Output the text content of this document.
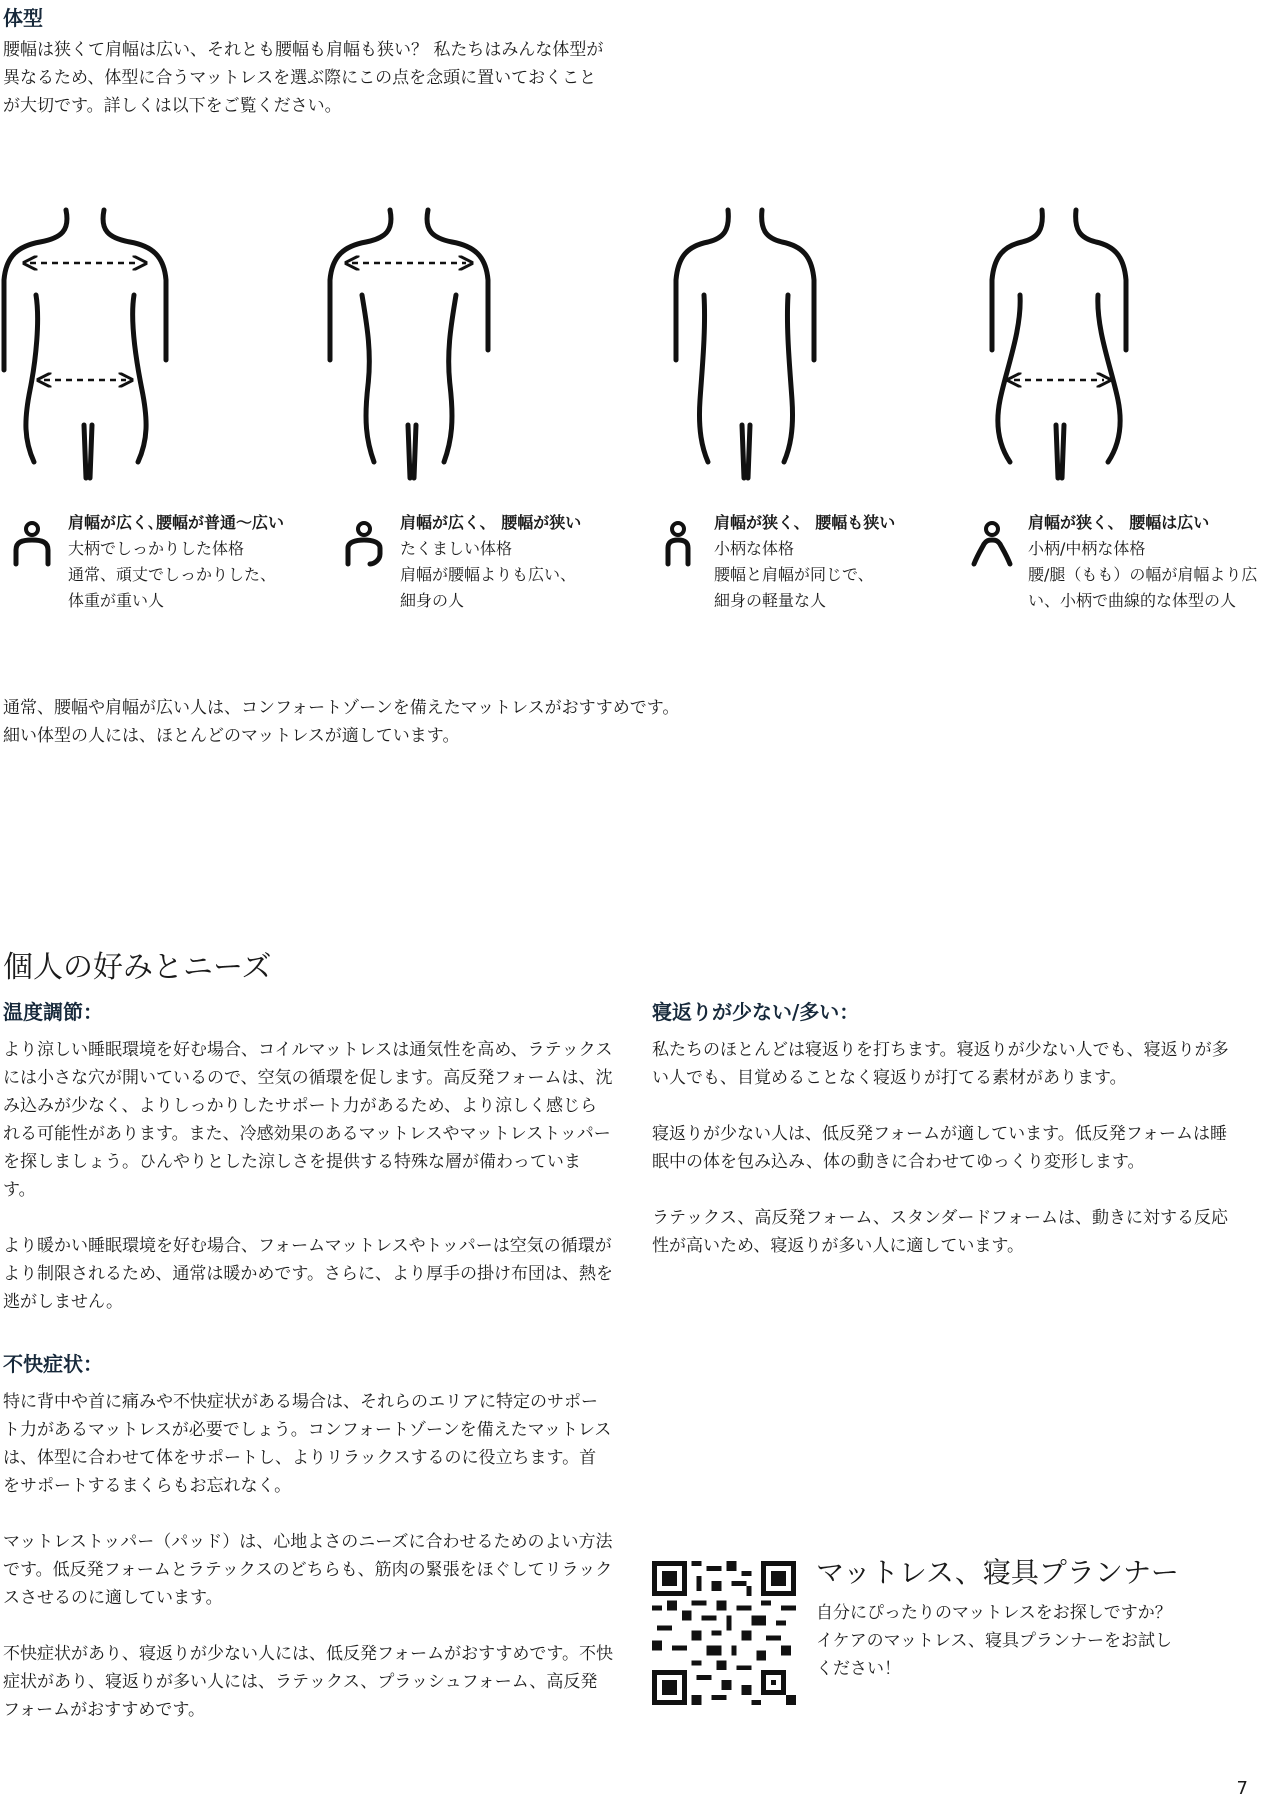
体型

腰幅は狭くて肩幅は広い、それとも腰幅も肩幅も狭い？ 私たちはみんな体型が異なるため、体型に合うマットレスを選ぶ際にこの点を念頭に置いておくことが大切です。詳しくは以下をご覧ください。

肩幅が広く､腰幅が普通〜広い
大柄でしっかりした体格
通常、頑丈でしっかりした、
体重が重い人
肩幅が広く、 腰幅が狭い
たくましい体格
肩幅が腰幅よりも広い、
細身の人
肩幅が狭く、 腰幅も狭い
小柄な体格
腰幅と肩幅が同じで、
細身の軽量な人
肩幅が狭く、 腰幅は広い
小柄/中柄な体格
腰/腿（もも）の幅が肩幅より広
い、小柄で曲線的な体型の人
通常、腰幅や肩幅が広い人は、コンフォートゾーンを備えたマットレスがおすすめです。
細い体型の人には、ほとんどのマットレスが適しています。
個人の好みとニーズ
温度調節：

より涼しい睡眠環境を好む場合、コイルマットレスは通気性を高め、ラテックスには小さな穴が開いているので、空気の循環を促します。高反発フォームは、沈み込みが少なく、よりしっかりしたサポート力があるため、より涼しく感じられる可能性があります。また、冷感効果のあるマットレスやマットレストッパーを探しましょう。ひんやりとした涼しさを提供する特殊な層が備わっています。

より暖かい睡眠環境を好む場合、フォームマットレスやトッパーは空気の循環がより制限されるため、通常は暖かめです。さらに、より厚手の掛け布団は、熱を逃がしません。

不快症状：

特に背中や首に痛みや不快症状がある場合は、それらのエリアに特定のサポート力があるマットレスが必要でしょう。コンフォートゾーンを備えたマットレスは、体型に合わせて体をサポートし、よりリラックスするのに役立ちます。首をサポートするまくらもお忘れなく。

マットレストッパー（パッド）は、心地よさのニーズに合わせるためのよい方法です。低反発フォームとラテックスのどちらも、筋肉の緊張をほぐしてリラックスさせるのに適しています。

不快症状があり、寝返りが少ない人には、低反発フォームがおすすめです。不快症状があり、寝返りが多い人には、ラテックス、プラッシュフォーム、高反発フォームがおすすめです。

寝返りが少ない/多い：

私たちのほとんどは寝返りを打ちます。寝返りが少ない人でも、寝返りが多い人でも、目覚めることなく寝返りが打てる素材があります。

寝返りが少ない人は、低反発フォームが適しています。低反発フォームは睡眠中の体を包み込み、体の動きに合わせてゆっくり変形します。

ラテックス、高反発フォーム、スタンダードフォームは、動きに対する反応性が高いため、寝返りが多い人に適しています。

マットレス、寝具プランナー
自分にぴったりのマットレスをお探しですか？
イケアのマットレス、寝具プランナーをお試し
ください！
7
